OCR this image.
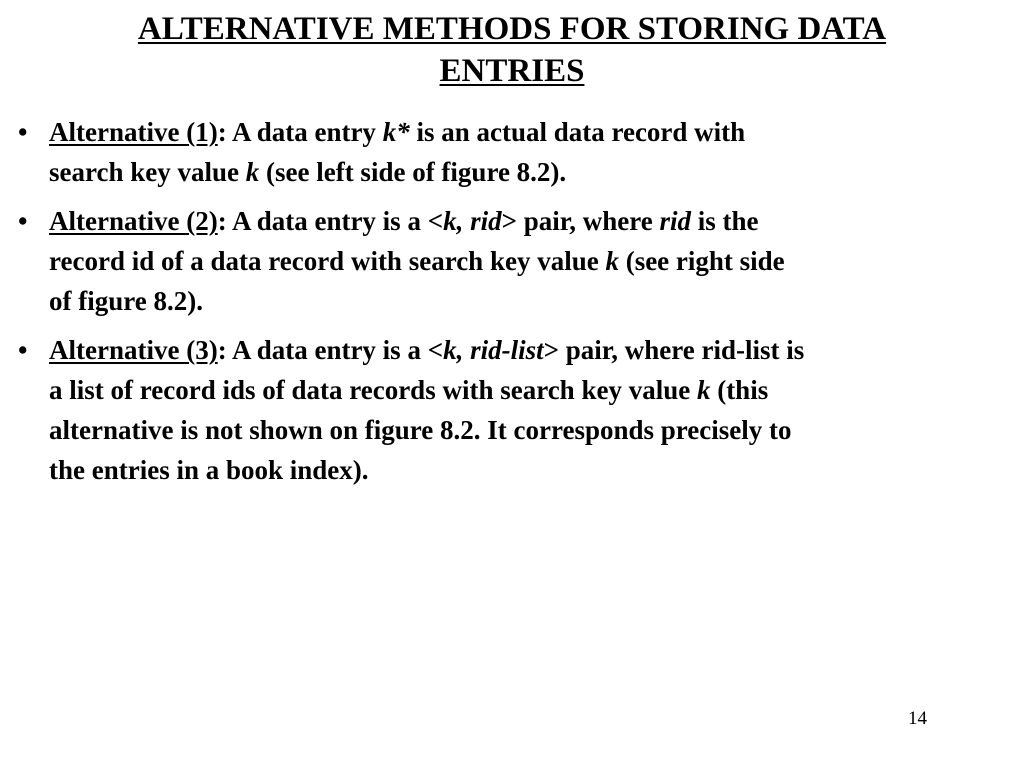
ALTERNATIVE METHODS FOR STORING DATA
ENTRIES
• Alternative (1): A data entry k* is an actual data record with
search key value k (see left side of figure 8.2).
• Alternative (2): A data entry is a <k, rid> pair, where rid is the
record id of a data record with search key value k (see right side
of figure 8.2).
• Alternative (3): A data entry is a <k, rid-list> pair, where rid-list is
a list of record ids of data records with search key value k (this
alternative is not shown on figure 8.2. It corresponds precisely to
the entries in a book index).
14
